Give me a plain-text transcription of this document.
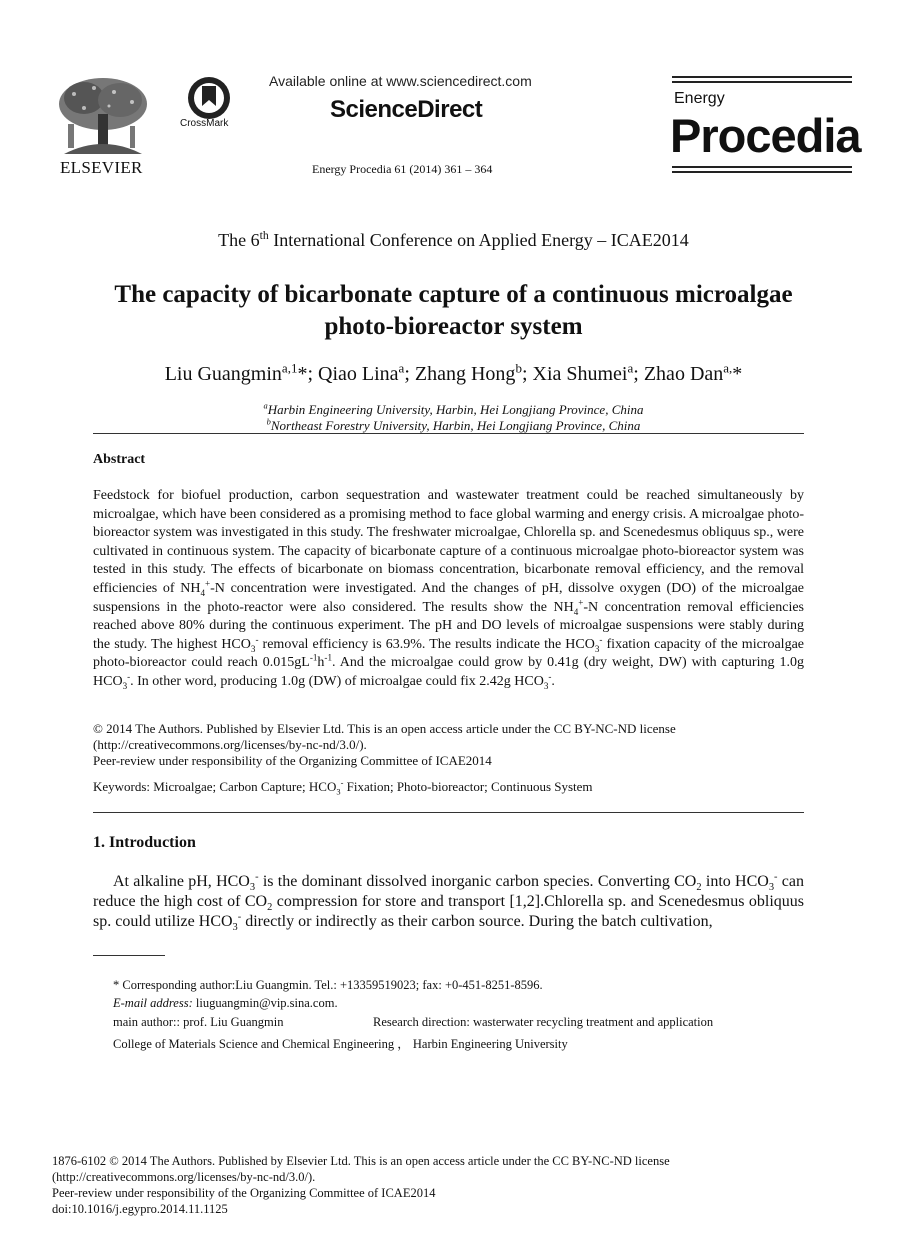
ELSEVIER
CrossMark
Available online at www.sciencedirect.com
ScienceDirect
Energy Procedia 61 (2014) 361 – 364
Energy
Procedia
The 6th International Conference on Applied Energy – ICAE2014
The capacity of bicarbonate capture of a continuous microalgae photo-bioreactor system
Liu Guangmin$^{a,1}$*; Qiao Lina$^a$; Zhang Hong$^b$; Xia Shumei$^a$; Zhao Dan$^{a,}$*
$^a$Harbin Engineering University, Harbin, Hei Longjiang Province, China
$^b$Northeast Forestry University, Harbin, Hei Longjiang Province, China
Abstract
Feedstock for biofuel production, carbon sequestration and wastewater treatment could be reached simultaneously by microalgae, which have been considered as a promising method to face global warming and energy crisis. A microalgae photo-bioreactor system was investigated in this study. The freshwater microalgae, Chlorella sp. and Scenedesmus obliquus sp., were cultivated in continuous system. The capacity of bicarbonate capture of a continuous microalgae photo-bioreactor system was tested in this study. The effects of bicarbonate on biomass concentration, bicarbonate removal efficiency, and the removal efficiencies of $NH_4^+-N$ concentration were investigated. And the changes of pH, dissolve oxygen (DO) of the microalgae suspensions in the photo-reactor were also considered. The results show the $NH_4^+-N$ concentration removal efficiencies reached above 80% during the continuous experiment. The pH and DO levels of microalgae suspensions were stably during the study. The highest $HCO_3^-$ removal efficiency is 63.9%. The results indicate the $HCO_3^-$ fixation capacity of the microalgae photo-bioreactor could reach $0.015gL^{-1}h^{-1}$. And the microalgae could grow by 0.41g (dry weight, DW) with capturing 1.0g $HCO_3^-$. In other word, producing 1.0g (DW) of microalgae could fix 2.42g $HCO_3^-$.
© 2014 The Authors. Published by Elsevier Ltd. This is an open access article under the CC BY-NC-ND license
(http://creativecommons.org/licenses/by-nc-nd/3.0/).
Peer-review under responsibility of the Organizing Committee of ICAE2014
Keywords: Microalgae; Carbon Capture; $HCO_3^-$ Fixation; Photo-bioreactor; Continuous System
1. Introduction
At alkaline pH, $HCO_3^-$ is the dominant dissolved inorganic carbon species. Converting $CO_2$ into $HCO_3^-$ can reduce the high cost of $CO_2$ compression for store and transport [1,2].Chlorella sp. and Scenedesmus obliquus sp. could utilize $HCO_3^-$ directly or indirectly as their carbon source. During the batch cultivation,
* Corresponding author:Liu Guangmin. Tel.: +13359519023; fax: +0-451-8251-8596.
E-mail address: liuguangmin@vip.sina.com.
main author:: prof. Liu Guangmin	Research direction: wasterwater recycling treatment and application
College of Materials Science and Chemical Engineering ， Harbin Engineering University
1876-6102 © 2014 The Authors. Published by Elsevier Ltd. This is an open access article under the CC BY-NC-ND license
(http://creativecommons.org/licenses/by-nc-nd/3.0/).
Peer-review under responsibility of the Organizing Committee of ICAE2014
doi:10.1016/j.egypro.2014.11.1125
